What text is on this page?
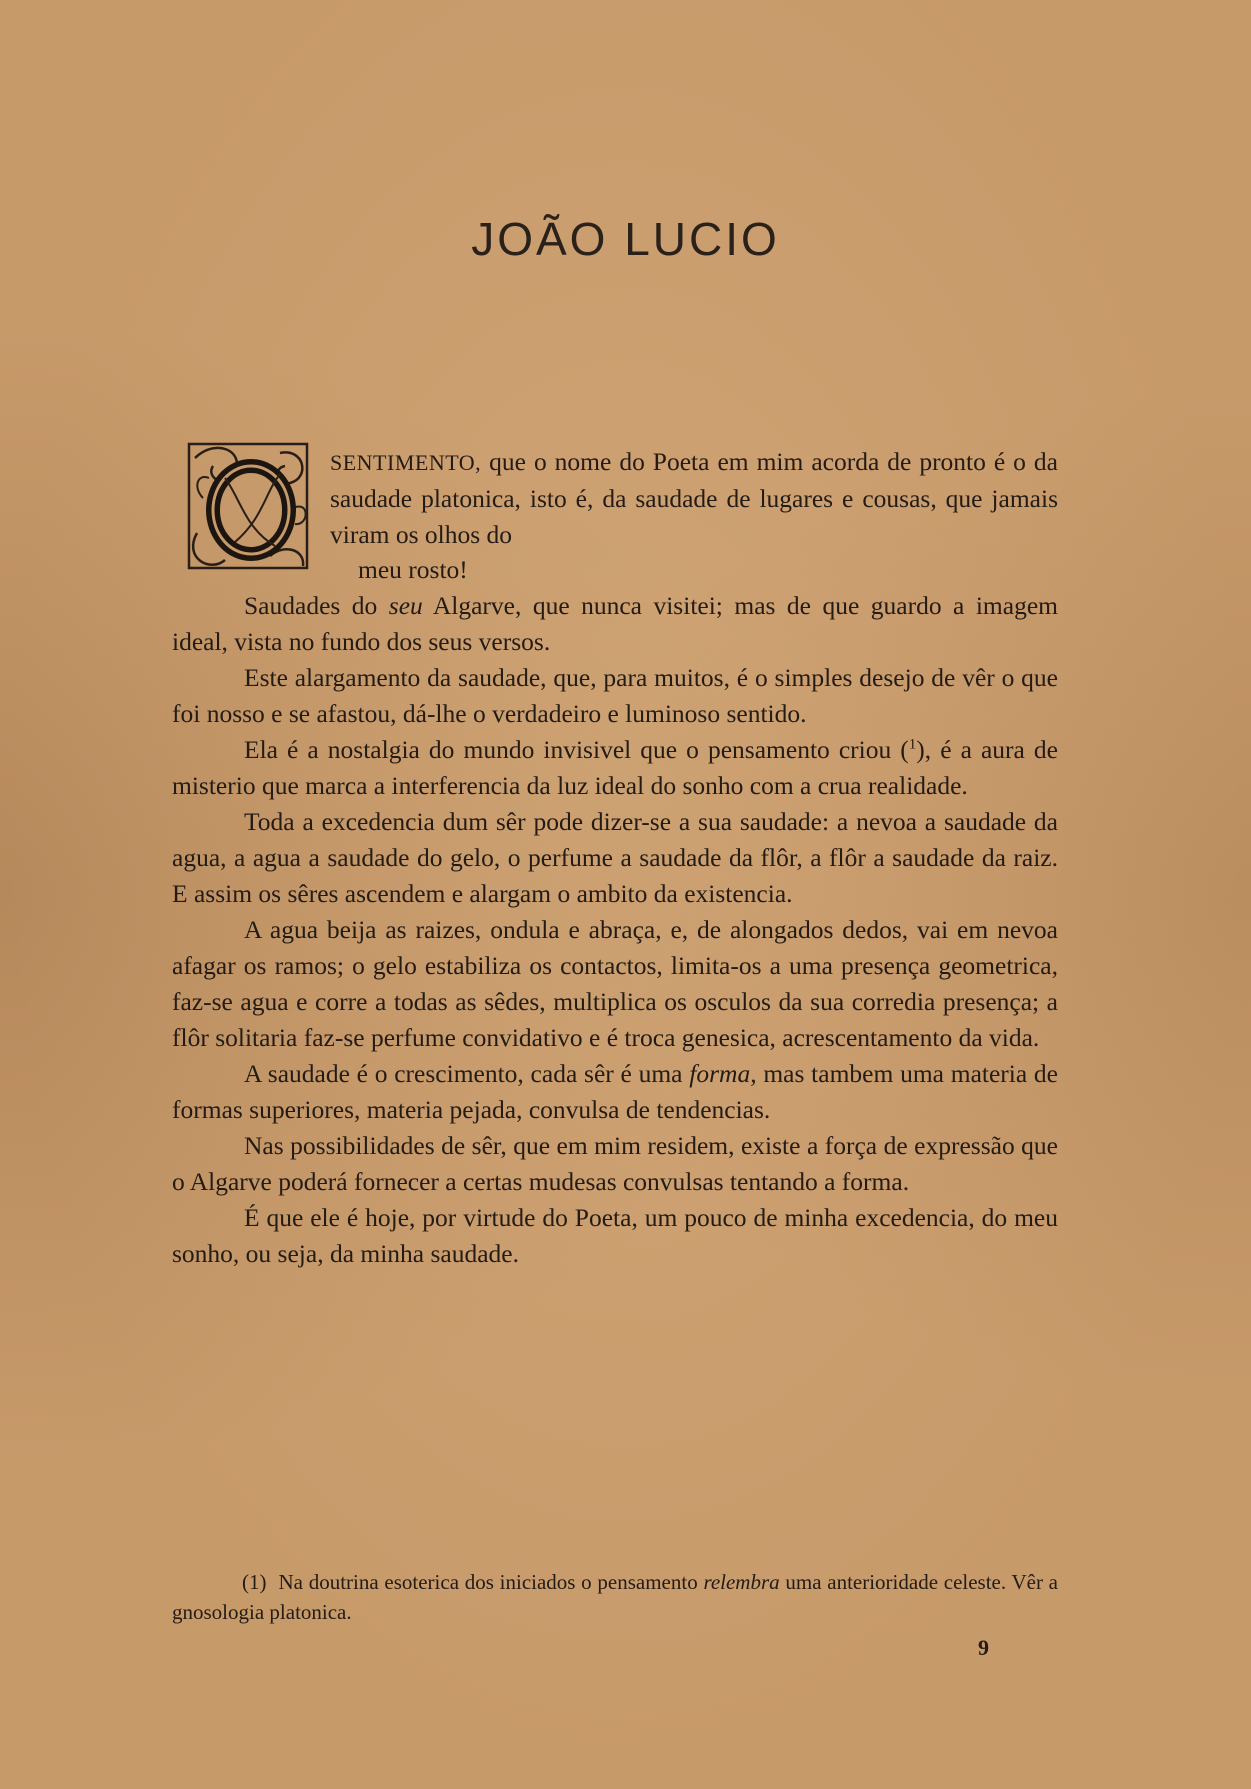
JOÃO LUCIO
SENTIMENTO, que o nome do Poeta em mim acorda de pronto é o da saudade platonica, isto é, da saudade de lugares e cousas, que jamais viram os olhos do
meu rosto!

Saudades do seu Algarve, que nunca visitei; mas de que guardo a imagem ideal, vista no fundo dos seus versos.

Este alargamento da saudade, que, para muitos, é o simples desejo de vêr o que foi nosso e se afastou, dá-lhe o verdadeiro e luminoso sentido.

Ela é a nostalgia do mundo invisivel que o pensamento criou ($^1$), é a aura de misterio que marca a interferencia da luz ideal do sonho com a crua realidade.

Toda a excedencia dum sêr pode dizer-se a sua saudade: a nevoa a saudade da agua, a agua a saudade do gelo, o perfume a saudade da flôr, a flôr a saudade da raiz. E assim os sêres ascendem e alargam o ambito da existencia.

A agua beija as raizes, ondula e abraça, e, de alongados dedos, vai em nevoa afagar os ramos; o gelo estabiliza os contactos, limita-os a uma presença geometrica, faz-se agua e corre a todas as sêdes, multiplica os osculos da sua corredia presença; a flôr solitaria faz-se perfume convidativo e é troca genesica, acrescentamento da vida.

A saudade é o crescimento, cada sêr é uma forma, mas tambem uma materia de formas superiores, materia pejada, convulsa de tendencias.

Nas possibilidades de sêr, que em mim residem, existe a força de expressão que o Algarve poderá fornecer a certas mudesas convulsas tentando a forma.

É que ele é hoje, por virtude do Poeta, um pouco de minha excedencia, do meu sonho, ou seja, da minha saudade.

(1) Na doutrina esoterica dos iniciados o pensamento relembra uma anterioridade celeste. Vêr a gnosologia platonica.
9
